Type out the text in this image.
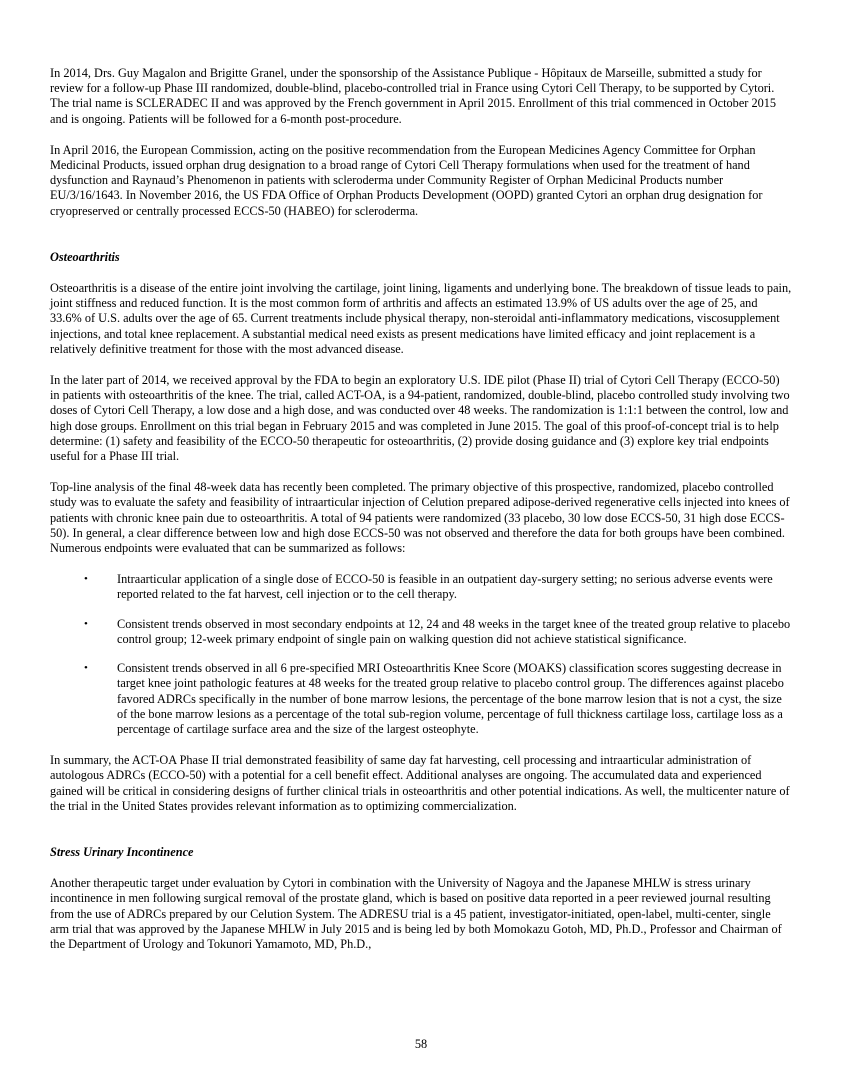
In 2014, Drs. Guy Magalon and Brigitte Granel, under the sponsorship of the Assistance Publique - Hôpitaux de Marseille, submitted a study for review for a follow-up Phase III randomized, double-blind, placebo-controlled trial in France using Cytori Cell Therapy, to be supported by Cytori. The trial name is SCLERADEC II and was approved by the French government in April 2015. Enrollment of this trial commenced in October 2015 and is ongoing. Patients will be followed for a 6-month post-procedure.

In April 2016, the European Commission, acting on the positive recommendation from the European Medicines Agency Committee for Orphan Medicinal Products, issued orphan drug designation to a broad range of Cytori Cell Therapy formulations when used for the treatment of hand dysfunction and Raynaud’s Phenomenon in patients with scleroderma under Community Register of Orphan Medicinal Products number EU/3/16/1643. In November 2016, the US FDA Office of Orphan Products Development (OOPD) granted Cytori an orphan drug designation for cryopreserved or centrally processed ECCS-50 (HABEO) for scleroderma.

Osteoarthritis

Osteoarthritis is a disease of the entire joint involving the cartilage, joint lining, ligaments and underlying bone. The breakdown of tissue leads to pain, joint stiffness and reduced function. It is the most common form of arthritis and affects an estimated 13.9% of US adults over the age of 25, and 33.6% of U.S. adults over the age of 65. Current treatments include physical therapy, non-steroidal anti-inflammatory medications, viscosupplement injections, and total knee replacement. A substantial medical need exists as present medications have limited efficacy and joint replacement is a relatively definitive treatment for those with the most advanced disease.

In the later part of 2014, we received approval by the FDA to begin an exploratory U.S. IDE pilot (Phase II) trial of Cytori Cell Therapy (ECCO-50) in patients with osteoarthritis of the knee. The trial, called ACT-OA, is a 94-patient, randomized, double-blind, placebo controlled study involving two doses of Cytori Cell Therapy, a low dose and a high dose, and was conducted over 48 weeks. The randomization is 1:1:1 between the control, low and high dose groups. Enrollment on this trial began in February 2015 and was completed in June 2015. The goal of this proof-of-concept trial is to help determine: (1) safety and feasibility of the ECCO-50 therapeutic for osteoarthritis, (2) provide dosing guidance and (3) explore key trial endpoints useful for a Phase III trial.

Top-line analysis of the final 48-week data has recently been completed. The primary objective of this prospective, randomized, placebo controlled study was to evaluate the safety and feasibility of intraarticular injection of Celution prepared adipose-derived regenerative cells injected into knees of patients with chronic knee pain due to osteoarthritis. A total of 94 patients were randomized (33 placebo, 30 low dose ECCS-50, 31 high dose ECCS-50). In general, a clear difference between low and high dose ECCS-50 was not observed and therefore the data for both groups have been combined. Numerous endpoints were evaluated that can be summarized as follows:

• Intraarticular application of a single dose of ECCO-50 is feasible in an outpatient day-surgery setting; no serious adverse events were reported related to the fat harvest, cell injection or to the cell therapy.
• Consistent trends observed in most secondary endpoints at 12, 24 and 48 weeks in the target knee of the treated group relative to placebo control group; 12-week primary endpoint of single pain on walking question did not achieve statistical significance.
• Consistent trends observed in all 6 pre-specified MRI Osteoarthritis Knee Score (MOAKS) classification scores suggesting decrease in target knee joint pathologic features at 48 weeks for the treated group relative to placebo control group. The differences against placebo favored ADRCs specifically in the number of bone marrow lesions, the percentage of the bone marrow lesion that is not a cyst, the size of the bone marrow lesions as a percentage of the total sub-region volume, percentage of full thickness cartilage loss, cartilage loss as a percentage of cartilage surface area and the size of the largest osteophyte.

In summary, the ACT-OA Phase II trial demonstrated feasibility of same day fat harvesting, cell processing and intraarticular administration of autologous ADRCs (ECCO-50) with a potential for a cell benefit effect. Additional analyses are ongoing. The accumulated data and experienced gained will be critical in considering designs of further clinical trials in osteoarthritis and other potential indications. As well, the multicenter nature of the trial in the United States provides relevant information as to optimizing commercialization.

Stress Urinary Incontinence

Another therapeutic target under evaluation by Cytori in combination with the University of Nagoya and the Japanese MHLW is stress urinary incontinence in men following surgical removal of the prostate gland, which is based on positive data reported in a peer reviewed journal resulting from the use of ADRCs prepared by our Celution System. The ADRESU trial is a 45 patient, investigator-initiated, open-label, multi-center, single arm trial that was approved by the Japanese MHLW in July 2015 and is being led by both Momokazu Gotoh, MD, Ph.D., Professor and Chairman of the Department of Urology and Tokunori Yamamoto, MD, Ph.D.,

58
